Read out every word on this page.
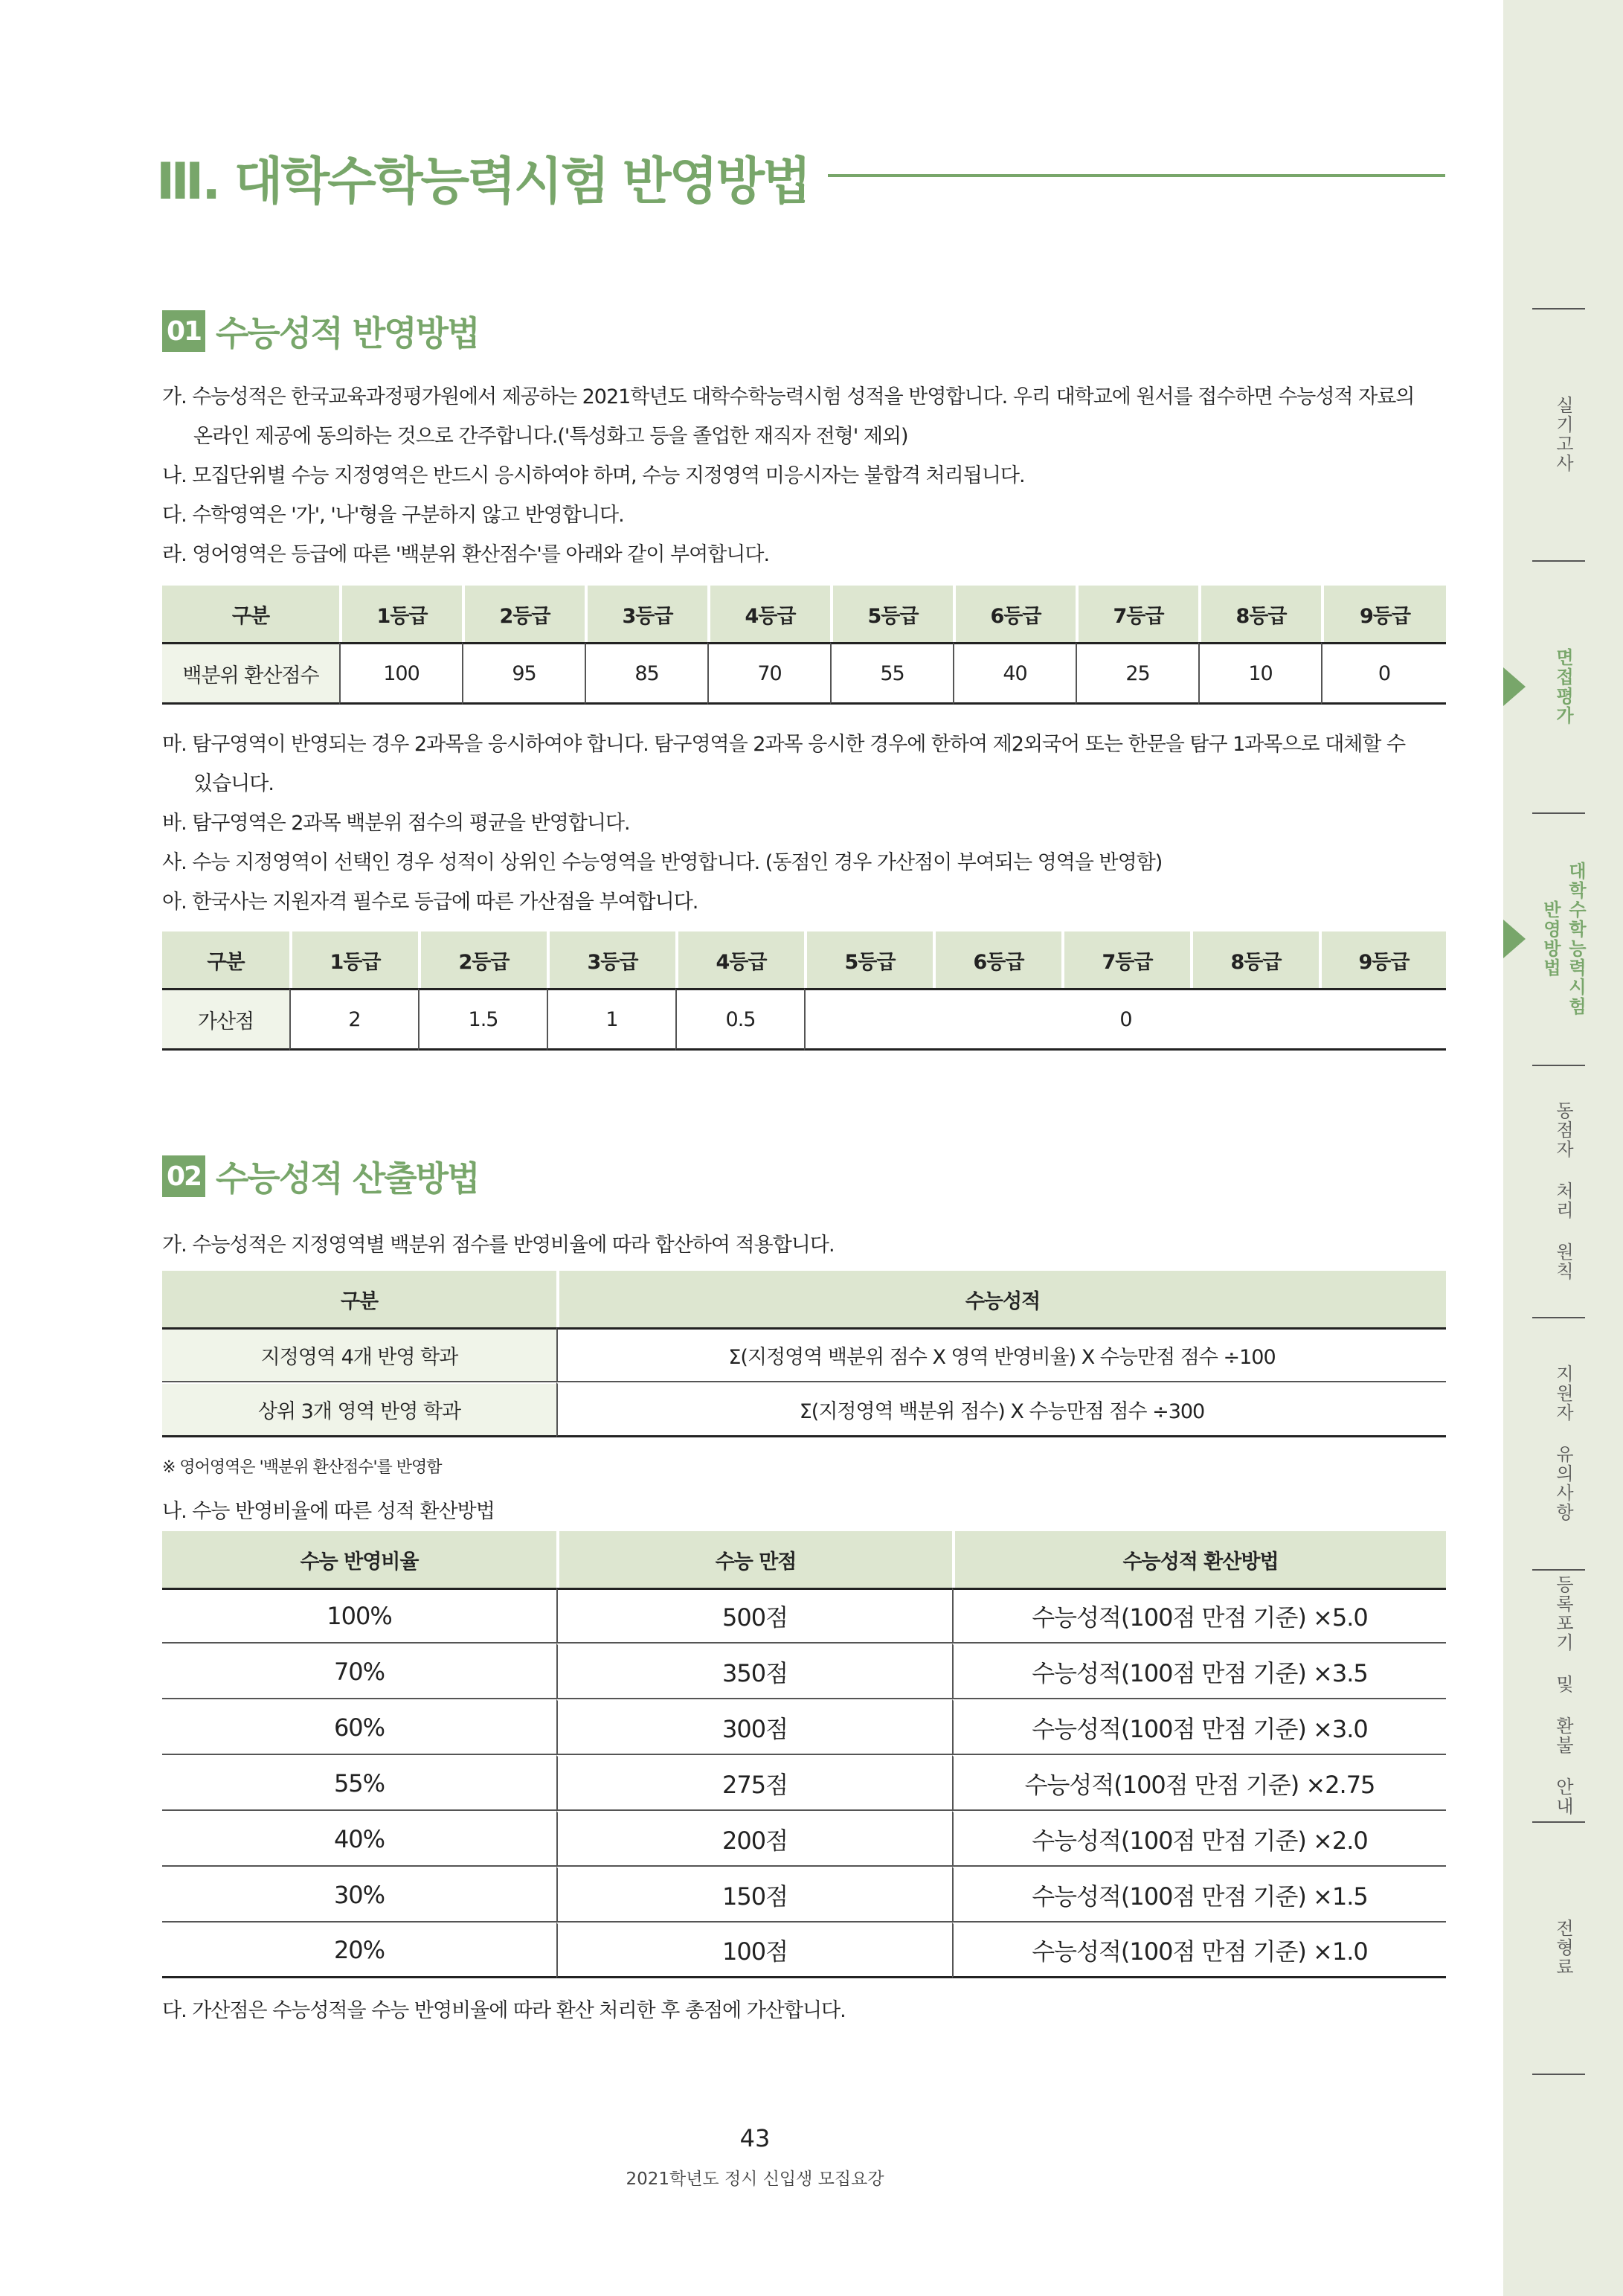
Ⅲ. 대학수학능력시험 반영방법
01 수능성적 반영방법
가. 수능성적은 한국교육과정평가원에서 제공하는 2021학년도 대학수학능력시험 성적을 반영합니다. 우리 대학교에 원서를 접수하면 수능성적 자료의
온라인 제공에 동의하는 것으로 간주합니다.('특성화고 등을 졸업한 재직자 전형' 제외)
나. 모집단위별 수능 지정영역은 반드시 응시하여야 하며, 수능 지정영역 미응시자는 불합격 처리됩니다.
다. 수학영역은 '가', '나'형을 구분하지 않고 반영합니다.
라. 영어영역은 등급에 따른 '백분위 환산점수'를 아래와 같이 부여합니다.
구분	1등급	2등급	3등급	4등급	5등급	6등급	7등급	8등급	9등급
백분위 환산점수	100	95	85	70	55	40	25	10	0
마. 탐구영역이 반영되는 경우 2과목을 응시하여야 합니다. 탐구영역을 2과목 응시한 경우에 한하여 제2외국어 또는 한문을 탐구 1과목으로 대체할 수
있습니다.
바. 탐구영역은 2과목 백분위 점수의 평균을 반영합니다.
사. 수능 지정영역이 선택인 경우 성적이 상위인 수능영역을 반영합니다. (동점인 경우 가산점이 부여되는 영역을 반영함)
아. 한국사는 지원자격 필수로 등급에 따른 가산점을 부여합니다.
구분	1등급	2등급	3등급	4등급	5등급	6등급	7등급	8등급	9등급
가산점	2	1.5	1	0.5	0				
02 수능성적 산출방법
가. 수능성적은 지정영역별 백분위 점수를 반영비율에 따라 합산하여 적용합니다.
구분	수능성적
지정영역 4개 반영 학과	Σ(지정영역 백분위 점수 X 영역 반영비율) X 수능만점 점수 ÷100
상위 3개 영역 반영 학과	Σ(지정영역 백분위 점수) X 수능만점 점수 ÷300
※ 영어영역은 '백분위 환산점수'를 반영함
나. 수능 반영비율에 따른 성적 환산방법
수능 반영비율	수능 만점	수능성적 환산방법
100%	500점	수능성적(100점 만점 기준) ×5.0
70%	350점	수능성적(100점 만점 기준) ×3.5
60%	300점	수능성적(100점 만점 기준) ×3.0
55%	275점	수능성적(100점 만점 기준) ×2.75
40%	200점	수능성적(100점 만점 기준) ×2.0
30%	150점	수능성적(100점 만점 기준) ×1.5
20%	100점	수능성적(100점 만점 기준) ×1.0
다. 가산점은 수능성적을 수능 반영비율에 따라 환산 처리한 후 총점에 가산합니다.
43
2021학년도 정시 신입생 모집요강
실기고사
면접평가
대학수학능력시험
반영방법
동점자 처리 원칙
지원자 유의사항
등록포기 및 환불 안내
전형료
